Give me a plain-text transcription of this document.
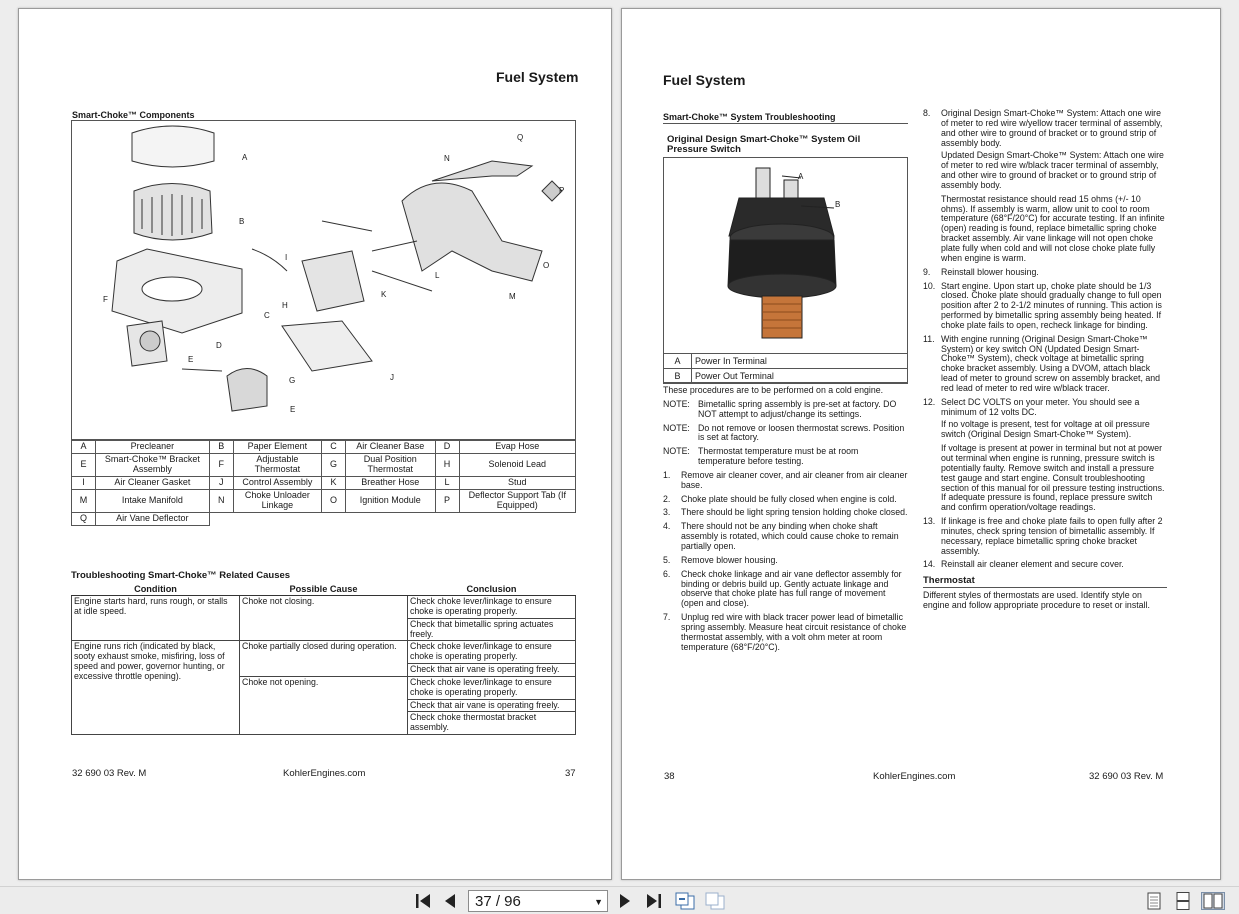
Fuel System
Smart-Choke™ Components
A
B
C
D
E
E
F
G
H
I
J
K
L
M
N
O
P
Q
A	Precleaner	B	Paper Element	C	Air Cleaner Base	D	Evap Hose
E	Smart-Choke™ Bracket Assembly	F	Adjustable Thermostat	G	Dual Position Thermostat	H	Solenoid Lead
I	Air Cleaner Gasket	J	Control Assembly	K	Breather Hose	L	Stud
M	Intake Manifold	N	Choke Unloader Linkage	O	Ignition Module	P	Deflector Support Tab (If Equipped)
Q	Air Vane Deflector						
Troubleshooting Smart-Choke™ Related Causes
Condition	Possible Cause	Conclusion
Engine starts hard, runs rough, or stalls at idle speed.	Choke not closing.	Check choke lever/linkage to ensure choke is operating properly.
		Check that bimetallic spring actuates freely.
Engine runs rich (indicated by black, sooty exhaust smoke, misfiring, loss of speed and power, governor hunting, or excessive throttle opening).	Choke partially closed during operation.	Check choke lever/linkage to ensure choke is operating properly.
		Check that air vane is operating freely.
	Choke not opening.	Check choke lever/linkage to ensure choke is operating properly.
		Check that air vane is operating freely.
		Check choke thermostat bracket assembly.
32 690 03 Rev. M	KohlerEngines.com	37
Fuel System
Smart-Choke™ System Troubleshooting
Original Design Smart-Choke™ System Oil Pressure Switch
A
B
A	Power In Terminal
B	Power Out Terminal
These procedures are to be performed on a cold engine.
NOTE: Bimetallic spring assembly is pre-set at factory. DO NOT attempt to adjust/change its settings.
NOTE: Do not remove or loosen thermostat screws. Position is set at factory.
NOTE: Thermostat temperature must be at room temperature before testing.
1.	Remove air cleaner cover, and air cleaner from air cleaner base.
2.	Choke plate should be fully closed when engine is cold.
3.	There should be light spring tension holding choke closed.
4.	There should not be any binding when choke shaft assembly is rotated, which could cause choke to remain partially open.
5.	Remove blower housing.
6.	Check choke linkage and air vane deflector assembly for binding or debris build up. Gently actuate linkage and observe that choke plate has full range of movement (open and close).
7.	Unplug red wire with black tracer power lead of bimetallic spring assembly. Measure heat circuit resistance of choke thermostat assembly, with a volt ohm meter at room temperature (68°F/20°C).
8.	Original Design Smart-Choke™ System: Attach one wire of meter to red wire w/yellow tracer terminal of assembly, and other wire to ground of bracket or to ground strip of assembly body.
Updated Design Smart-Choke™ System: Attach one wire of meter to red wire w/black tracer terminal of assembly, and other wire to ground of bracket or to ground strip of assembly body.
Thermostat resistance should read 15 ohms (+/- 10 ohms). If assembly is warm, allow unit to cool to room temperature (68°F/20°C) for accurate testing. If an infinite (open) reading is found, replace bimetallic spring choke bracket assembly. Air vane linkage will not open choke plate fully when cold and will not close choke plate fully when engine is warm.
9.	Reinstall blower housing.
10. Start engine. Upon start up, choke plate should be 1/3 closed. Choke plate should gradually change to full open position after 2 to 2-1/2 minutes of running. This action is performed by bimetallic spring assembly being heated. If choke plate fails to open, recheck linkage for binding.
11. With engine running (Original Design Smart-Choke™ System) or key switch ON (Updated Design Smart-Choke™ System), check voltage at bimetallic spring choke bracket assembly. Using a DVOM, attach black lead of meter to ground screw on assembly bracket, and red lead of meter to red wire w/black tracer.
12. Select DC VOLTS on your meter. You should see a minimum of 12 volts DC.
If no voltage is present, test for voltage at oil pressure switch (Original Design Smart-Choke™ System).
If voltage is present at power in terminal but not at power out terminal when engine is running, pressure switch is potentially faulty. Remove switch and install a pressure test gauge and start engine. Consult troubleshooting section of this manual for oil pressure testing instructions. If adequate pressure is found, replace pressure switch and confirm operation/voltage readings.
13. If linkage is free and choke plate fails to open fully after 2 minutes, check spring tension of bimetallic assembly. If necessary, replace bimetallic spring choke bracket assembly.
14. Reinstall air cleaner element and secure cover.
Thermostat
Different styles of thermostats are used. Identify style on engine and follow appropriate procedure to reset or install.
38	KohlerEngines.com	32 690 03 Rev. M
37 / 96	▼
